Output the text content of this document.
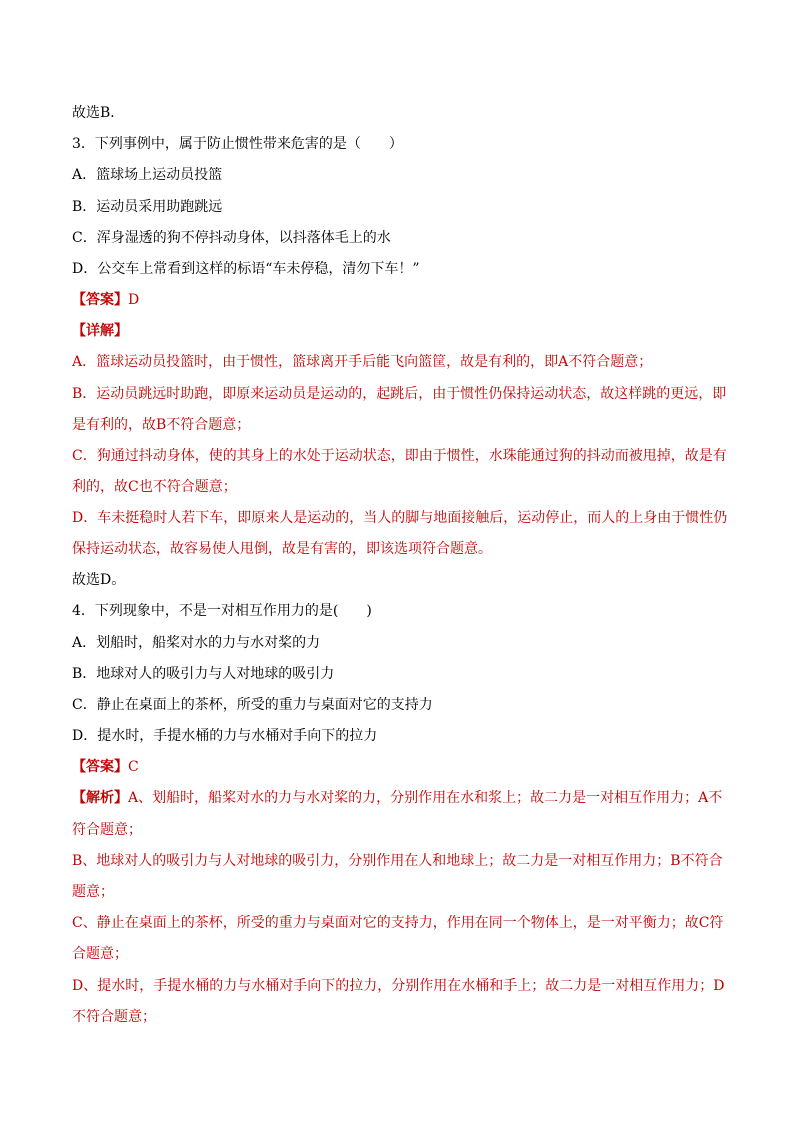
故选B．
3．下列事例中，属于防止惯性带来危害的是（　　）
A．篮球场上运动员投篮
B．运动员采用助跑跳远
C．浑身湿透的狗不停抖动身体，以抖落体毛上的水
D．公交车上常看到这样的标语“车未停稳，清勿下车！”
【答案】D
【详解】
A．篮球运动员投篮时，由于惯性，篮球离开手后能飞向篮筐，故是有利的，即A不符合题意；
B．运动员跳远时助跑，即原来运动员是运动的，起跳后，由于惯性仍保持运动状态，故这样跳的更远，即
是有利的，故B不符合题意；
C．狗通过抖动身体，使的其身上的水处于运动状态，即由于惯性，水珠能通过狗的抖动而被甩掉，故是有
利的，故C也不符合题意；
D．车未挺稳时人若下车，即原来人是运动的，当人的脚与地面接触后，运动停止，而人的上身由于惯性仍
保持运动状态，故容易使人甩倒，故是有害的，即该选项符合题意。
故选D。
4．下列现象中，不是一对相互作用力的是(　　)
A．划船时，船桨对水的力与水对桨的力
B．地球对人的吸引力与人对地球的吸引力
C．静止在桌面上的茶杯，所受的重力与桌面对它的支持力
D．提水时，手提水桶的力与水桶对手向下的拉力
【答案】C
【解析】A、划船时，船桨对水的力与水对桨的力，分别作用在水和浆上；故二力是一对相互作用力；A不
符合题意；
B、地球对人的吸引力与人对地球的吸引力，分别作用在人和地球上；故二力是一对相互作用力；B不符合
题意；
C、静止在桌面上的茶杯，所受的重力与桌面对它的支持力，作用在同一个物体上，是一对平衡力；故C符
合题意；
D、提水时，手提水桶的力与水桶对手向下的拉力，分别作用在水桶和手上；故二力是一对相互作用力；D
不符合题意；
